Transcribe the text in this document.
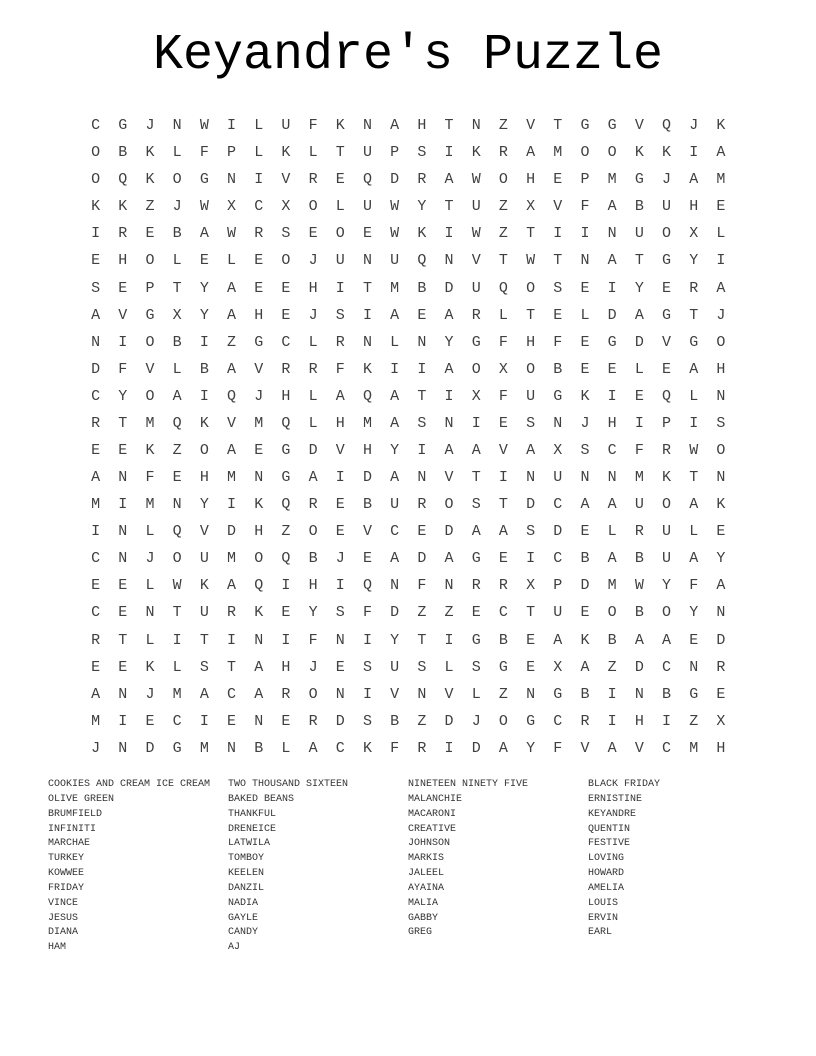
Keyandre's Puzzle
C	G	J	N	W	I	L	U	F	K	N	A	H	T	N	Z	V	T	G	G	V	Q	J	K
O	B	K	L	F	P	L	K	L	T	U	P	S	I	K	R	A	M	O	O	K	K	I	A
O	Q	K	O	G	N	I	V	R	E	Q	D	R	A	W	O	H	E	P	M	G	J	A	M
K	K	Z	J	W	X	C	X	O	L	U	W	Y	T	U	Z	X	V	F	A	B	U	H	E
I	R	E	B	A	W	R	S	E	O	E	W	K	I	W	Z	T	I	I	N	U	O	X	L
E	H	O	L	E	L	E	O	J	U	N	U	Q	N	V	T	W	T	N	A	T	G	Y	I
S	E	P	T	Y	A	E	E	H	I	T	M	B	D	U	Q	O	S	E	I	Y	E	R	A
A	V	G	X	Y	A	H	E	J	S	I	A	E	A	R	L	T	E	L	D	A	G	T	J
N	I	O	B	I	Z	G	C	L	R	N	L	N	Y	G	F	H	F	E	G	D	V	G	O
D	F	V	L	B	A	V	R	R	F	K	I	I	A	O	X	O	B	E	E	L	E	A	H
C	Y	O	A	I	Q	J	H	L	A	Q	A	T	I	X	F	U	G	K	I	E	Q	L	N
R	T	M	Q	K	V	M	Q	L	H	M	A	S	N	I	E	S	N	J	H	I	P	I	S
E	E	K	Z	O	A	E	G	D	V	H	Y	I	A	A	V	A	X	S	C	F	R	W	O
A	N	F	E	H	M	N	G	A	I	D	A	N	V	T	I	N	U	N	N	M	K	T	N
M	I	M	N	Y	I	K	Q	R	E	B	U	R	O	S	T	D	C	A	A	U	O	A	K
I	N	L	Q	V	D	H	Z	O	E	V	C	E	D	A	A	S	D	E	L	R	U	L	E
C	N	J	O	U	M	O	Q	B	J	E	A	D	A	G	E	I	C	B	A	B	U	A	Y
E	E	L	W	K	A	Q	I	H	I	Q	N	F	N	R	R	X	P	D	M	W	Y	F	A
C	E	N	T	U	R	K	E	Y	S	F	D	Z	Z	E	C	T	U	E	O	B	O	Y	N
R	T	L	I	T	I	N	I	F	N	I	Y	T	I	G	B	E	A	K	B	A	A	E	D
E	E	K	L	S	T	A	H	J	E	S	U	S	L	S	G	E	X	A	Z	D	C	N	R
A	N	J	M	A	C	A	R	O	N	I	V	N	V	L	Z	N	G	B	I	N	B	G	E
M	I	E	C	I	E	N	E	R	D	S	B	Z	D	J	O	G	C	R	I	H	I	Z	X
J	N	D	G	M	N	B	L	A	C	K	F	R	I	D	A	Y	F	V	A	V	C	M	H
COOKIES AND CREAM ICE CREAM
OLIVE GREEN
BRUMFIELD
INFINITI
MARCHAE
TURKEY
KOWWEE
FRIDAY
VINCE
JESUS
DIANA
HAM
TWO THOUSAND SIXTEEN
BAKED BEANS
THANKFUL
DRENEICE
LATWILA
TOMBOY
KEELEN
DANZIL
NADIA
GAYLE
CANDY
AJ
NINETEEN NINETY FIVE
MALANCHIE
MACARONI
CREATIVE
JOHNSON
MARKIS
JALEEL
AYAINA
MALIA
GABBY
GREG
BLACK FRIDAY
ERNISTINE
KEYANDRE
QUENTIN
FESTIVE
LOVING
HOWARD
AMELIA
LOUIS
ERVIN
EARL
